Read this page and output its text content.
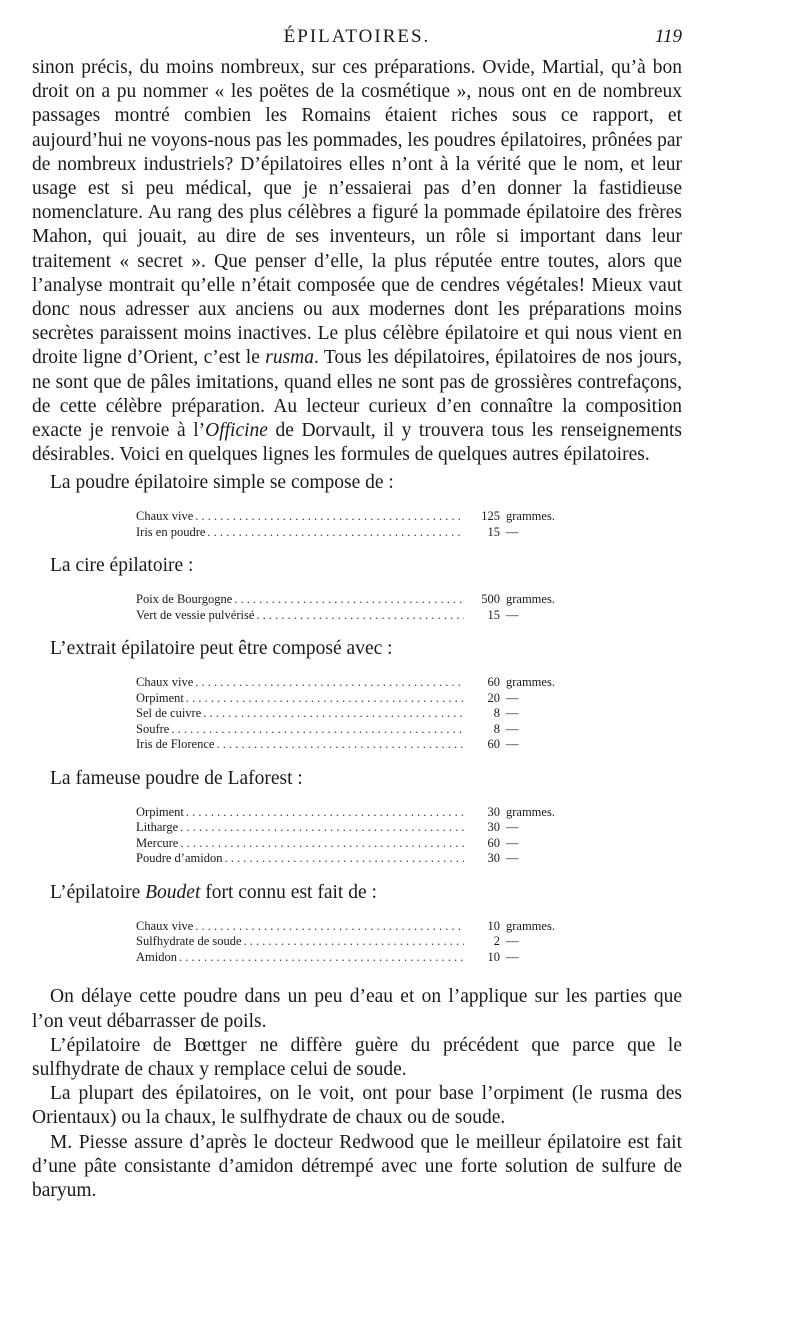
ÉPILATOIRES.	119

sinon précis, du moins nombreux, sur ces préparations. Ovide, Martial, qu’à bon droit on a pu nommer « les poëtes de la cosmétique », nous ont en de nombreux passages montré combien les Romains étaient riches sous ce rapport, et aujourd’hui ne voyons-nous pas les pommades, les poudres épilatoires, prônées par de nombreux industriels? D’épilatoires elles n’ont à la vérité que le nom, et leur usage est si peu médical, que je n’essaierai pas d’en donner la fastidieuse nomenclature. Au rang des plus célèbres a figuré la pommade épilatoire des frères Mahon, qui jouait, au dire de ses inventeurs, un rôle si important dans leur traitement « secret ». Que penser d’elle, la plus réputée entre toutes, alors que l’analyse montrait qu’elle n’était composée que de cendres végétales! Mieux vaut donc nous adresser aux anciens ou aux modernes dont les préparations moins secrètes paraissent moins inactives. Le plus célèbre épilatoire et qui nous vient en droite ligne d’Orient, c’est le rusma. Tous les dépilatoires, épilatoires de nos jours, ne sont que de pâles imitations, quand elles ne sont pas de grossières contrefaçons, de cette célèbre préparation. Au lecteur curieux d’en connaître la composition exacte je renvoie à l’Officine de Dorvault, il y trouvera tous les renseignements désirables. Voici en quelques lignes les formules de quelques autres épilatoires.

La poudre épilatoire simple se compose de :

Chaux vive . . .	125 grammes.
Iris en poudre . . .	15 —

La cire épilatoire :

Poix de Bourgogne . . .	500 grammes.
Vert de vessie pulvérisé . . .	15 —

L’extrait épilatoire peut être composé avec :

Chaux vive . . .	60 grammes.
Orpiment . . .	20 —
Sel de cuivre . . .	8 —
Soufre . . .	8 —
Iris de Florence . . .	60 —

La fameuse poudre de Laforest :

Orpiment . . .	30 grammes.
Litharge . . .	30 —
Mercure . . .	60 —
Poudre d’amidon . . .	30 —

L’épilatoire Boudet fort connu est fait de :

Chaux vive . . .	10 grammes.
Sulfhydrate de soude . . .	2 —
Amidon . . .	10 —

On délaye cette poudre dans un peu d’eau et on l’applique sur les parties que l’on veut débarrasser de poils.

L’épilatoire de Bœttger ne diffère guère du précédent que parce que le sulfhydrate de chaux y remplace celui de soude.

La plupart des épilatoires, on le voit, ont pour base l’orpiment (le rusma des Orientaux) ou la chaux, le sulfhydrate de chaux ou de soude.

M. Piesse assure d’après le docteur Redwood que le meilleur épilatoire est fait d’une pâte consistante d’amidon détrempé avec une forte solution de sulfure de baryum.
